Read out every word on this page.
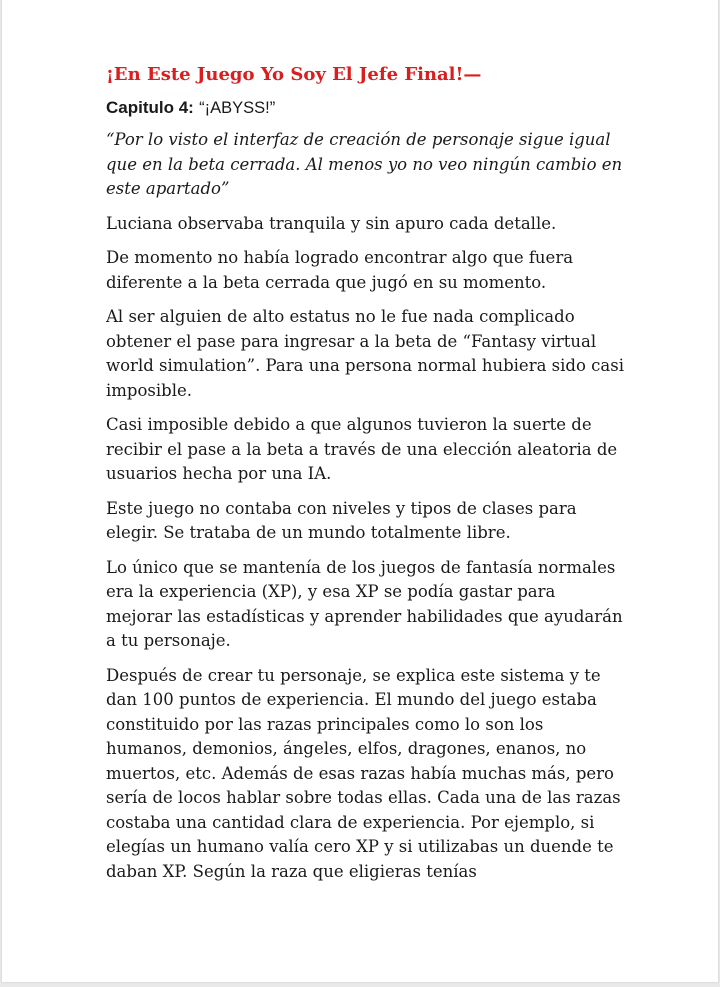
¡En Este Juego Yo Soy El Jefe Final!—
Capitulo 4: “¡ABYSS!”

“Por lo visto el interfaz de creación de personaje sigue igual que en la beta cerrada. Al menos yo no veo ningún cambio en este apartado”

Luciana observaba tranquila y sin apuro cada detalle.

De momento no había logrado encontrar algo que fuera diferente a la beta cerrada que jugó en su momento.

Al ser alguien de alto estatus no le fue nada complicado obtener el pase para ingresar a la beta de “Fantasy virtual world simulation”. Para una persona normal hubiera sido casi imposible.

Casi imposible debido a que algunos tuvieron la suerte de recibir el pase a la beta a través de una elección aleatoria de usuarios hecha por una IA.

Este juego no contaba con niveles y tipos de clases para elegir. Se trataba de un mundo totalmente libre.

Lo único que se mantenía de los juegos de fantasía normales era la experiencia (XP), y esa XP se podía gastar para mejorar las estadísticas y aprender habilidades que ayudarán a tu personaje.

Después de crear tu personaje, se explica este sistema y te dan 100 puntos de experiencia. El mundo del juego estaba constituido por las razas principales como lo son los humanos, demonios, ángeles, elfos, dragones, enanos, no muertos, etc. Además de esas razas había muchas más, pero sería de locos hablar sobre todas ellas. Cada una de las razas costaba una cantidad clara de experiencia. Por ejemplo, si elegías un humano valía cero XP y si utilizabas un duende te daban XP. Según la raza que eligieras tenías
